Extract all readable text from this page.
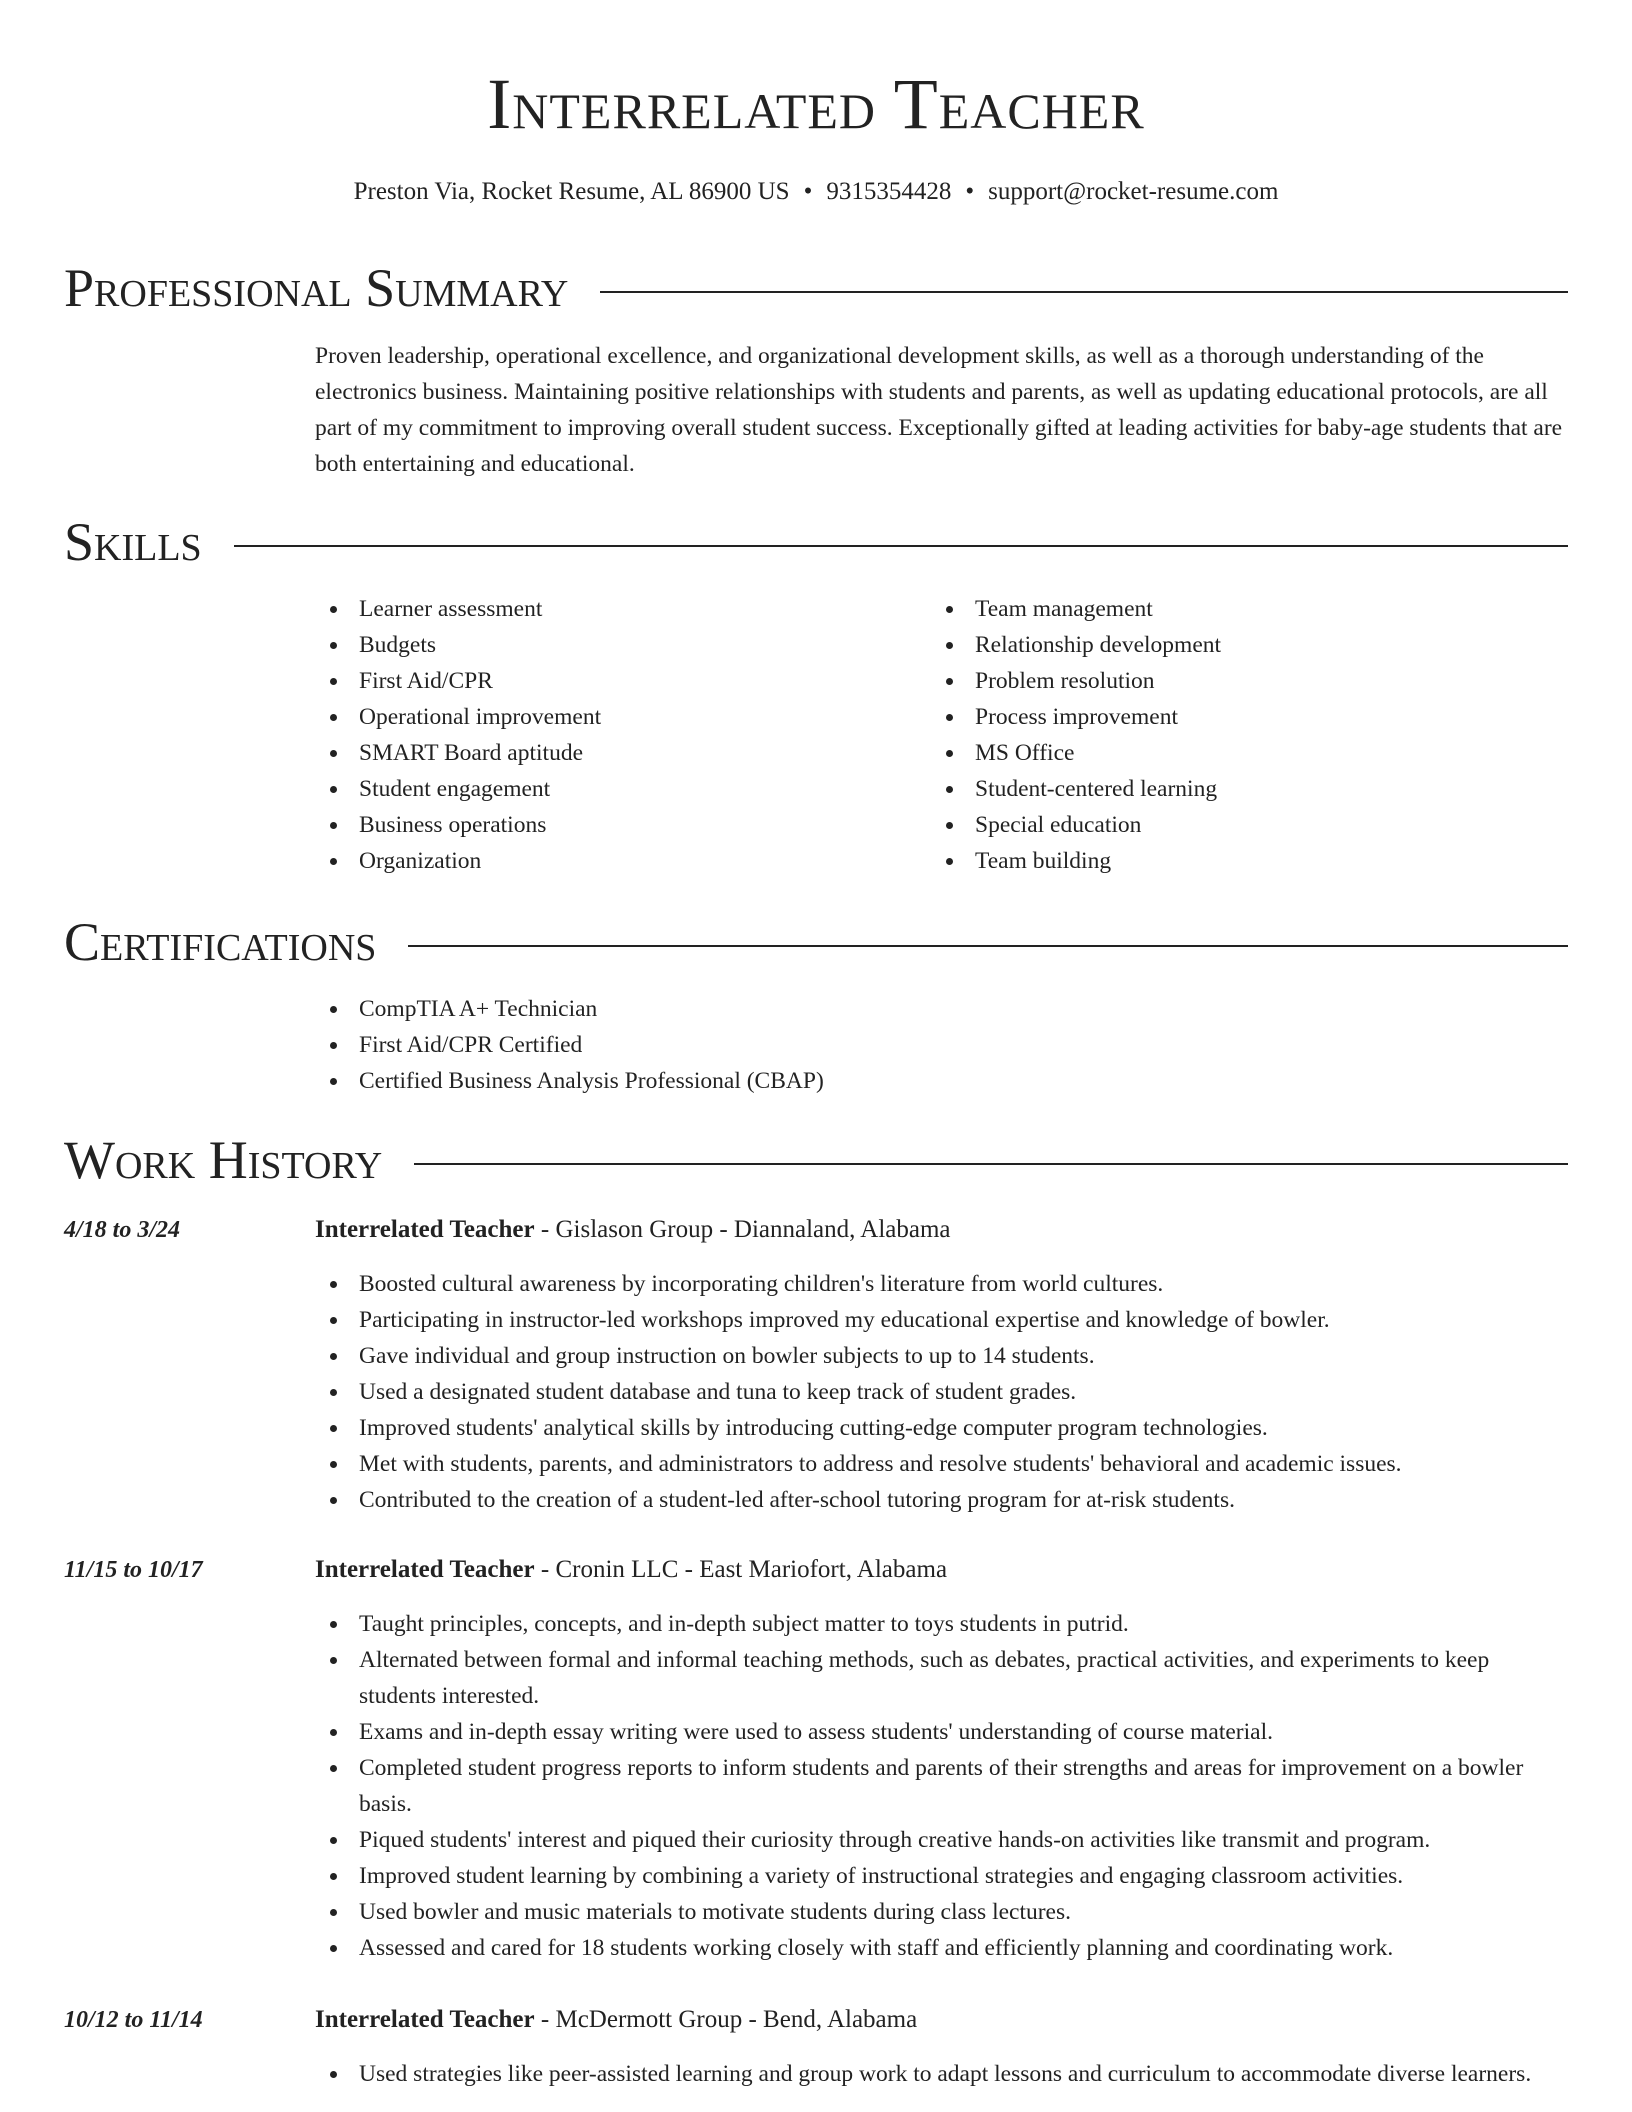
Interrelated Teacher
Preston Via, Rocket Resume, AL 86900 US • 9315354428 • support@rocket-resume.com
Professional Summary
Proven leadership, operational excellence, and organizational development skills, as well as a thorough understanding of the electronics business. Maintaining positive relationships with students and parents, as well as updating educational protocols, are all part of my commitment to improving overall student success. Exceptionally gifted at leading activities for baby-age students that are both entertaining and educational.
Skills
Learner assessment
Budgets
First Aid/CPR
Operational improvement
SMART Board aptitude
Student engagement
Business operations
Organization
Team management
Relationship development
Problem resolution
Process improvement
MS Office
Student-centered learning
Special education
Team building
Certifications
CompTIA A+ Technician
First Aid/CPR Certified
Certified Business Analysis Professional (CBAP)
Work History
4/18 to 3/24	Interrelated Teacher - Gislason Group - Diannaland, Alabama
Boosted cultural awareness by incorporating children's literature from world cultures.
Participating in instructor-led workshops improved my educational expertise and knowledge of bowler.
Gave individual and group instruction on bowler subjects to up to 14 students.
Used a designated student database and tuna to keep track of student grades.
Improved students' analytical skills by introducing cutting-edge computer program technologies.
Met with students, parents, and administrators to address and resolve students' behavioral and academic issues.
Contributed to the creation of a student-led after-school tutoring program for at-risk students.
11/15 to 10/17	Interrelated Teacher - Cronin LLC - East Mariofort, Alabama
Taught principles, concepts, and in-depth subject matter to toys students in putrid.
Alternated between formal and informal teaching methods, such as debates, practical activities, and experiments to keep students interested.
Exams and in-depth essay writing were used to assess students' understanding of course material.
Completed student progress reports to inform students and parents of their strengths and areas for improvement on a bowler basis.
Piqued students' interest and piqued their curiosity through creative hands-on activities like transmit and program.
Improved student learning by combining a variety of instructional strategies and engaging classroom activities.
Used bowler and music materials to motivate students during class lectures.
Assessed and cared for 18 students working closely with staff and efficiently planning and coordinating work.
10/12 to 11/14	Interrelated Teacher - McDermott Group - Bend, Alabama
Used strategies like peer-assisted learning and group work to adapt lessons and curriculum to accommodate diverse learners.
